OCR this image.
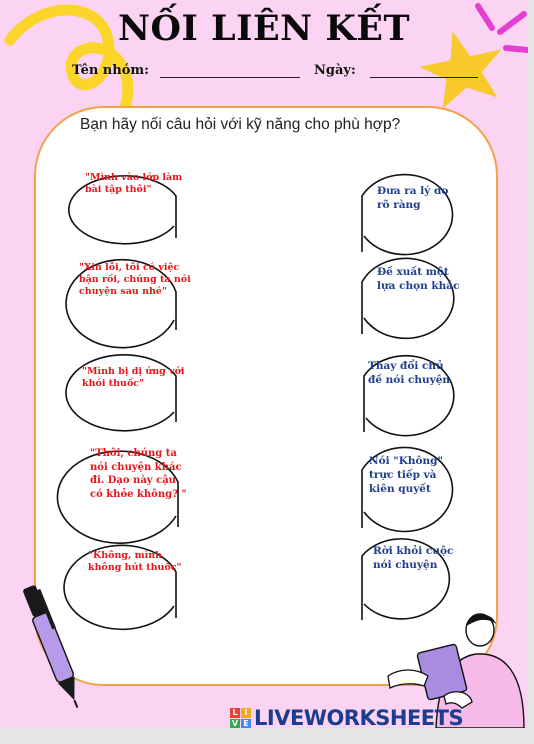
NỐI LIÊN KẾT
Tên nhóm:	Ngày:

Bạn hãy nối câu hỏi với kỹ năng cho phù hợp?

"Mình vào lớp làm
bài tập thôi"
"Xin lỗi, tôi có việc
bận rồi, chúng ta nói
chuyện sau nhé"
"Mình bị dị ứng với
khói thuốc"
"Thôi, chúng ta
nói chuyện khác
đi. Dạo này cậu
có khỏe không? "
"Không, mình
không hút thuốc"
Đưa ra lý do
rõ ràng
Đề xuất một
lựa chọn khác
Thay đổi chủ
đề nói chuyện
Nói "Không"
trực tiếp và
kiên quyết
Rời khỏi cuộc
nói chuyện
L I
V E LIVEWORKSHEETS
